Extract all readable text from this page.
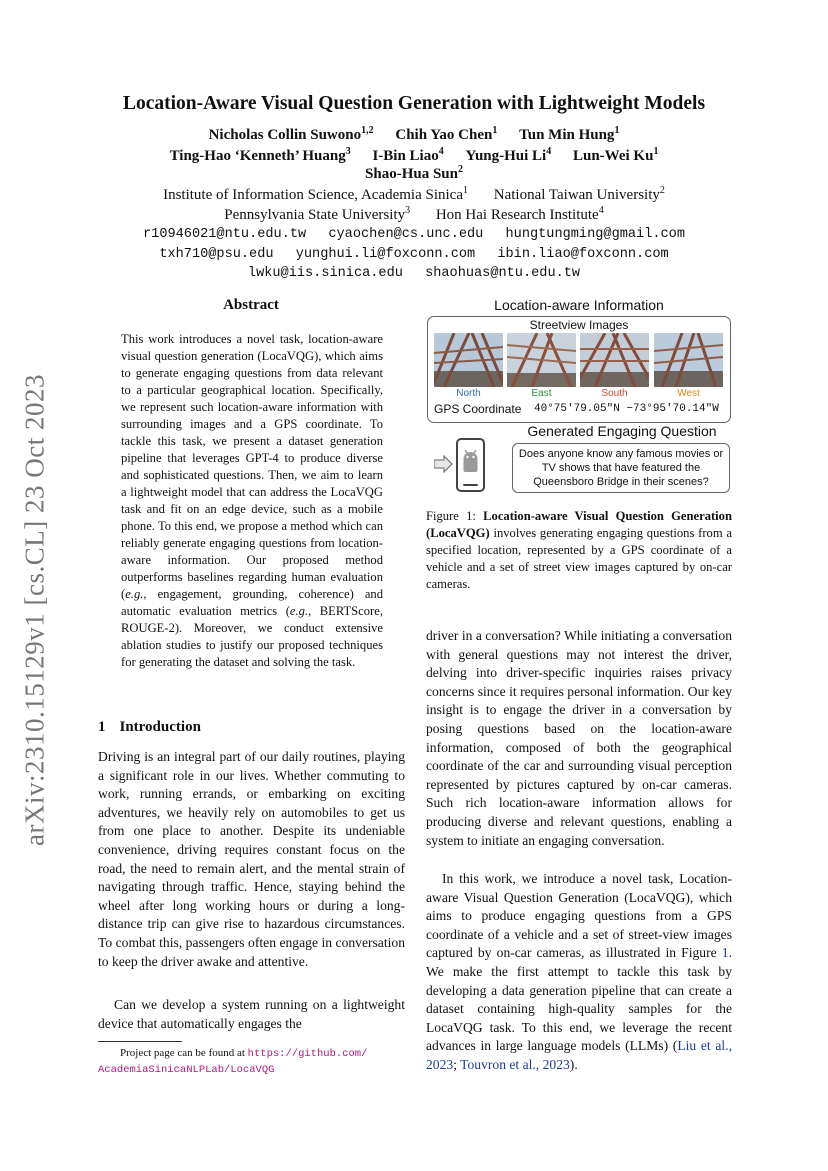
arXiv:2310.15129v1 [cs.CL] 23 Oct 2023
Location-Aware Visual Question Generation with Lightweight Models
Nicholas Collin Suwono$^{1,2}$ Chih Yao Chen$^1$ Tun Min Hung$^1$
Ting-Hao ‘Kenneth’ Huang$^3$ I-Bin Liao$^4$ Yung-Hui Li$^4$ Lun-Wei Ku$^1$
Shao-Hua Sun$^2$
Institute of Information Science, Academia Sinica$^1$ National Taiwan University$^2$
Pennsylvania State University$^3$ Hon Hai Research Institute$^4$
r10946021@ntu.edu.tw cyaochen@cs.unc.edu hungtungming@gmail.com
txh710@psu.edu yunghui.li@foxconn.com ibin.liao@foxconn.com
lwku@iis.sinica.edu shaohuas@ntu.edu.tw
Abstract
This work introduces a novel task, location-aware visual question generation (LocaVQG), which aims to generate engaging questions from data relevant to a particular geographical location. Specifically, we represent such location-aware information with surrounding images and a GPS coordinate. To tackle this task, we present a dataset generation pipeline that leverages GPT-4 to produce diverse and sophisticated questions. Then, we aim to learn a lightweight model that can address the LocaVQG task and fit on an edge device, such as a mobile phone. To this end, we propose a method which can reliably generate engaging questions from location-aware information. Our proposed method outperforms baselines regarding human evaluation (e.g., engagement, grounding, coherence) and automatic evaluation metrics (e.g., BERTScore, ROUGE-2). Moreover, we conduct extensive ablation studies to justify our proposed techniques for generating the dataset and solving the task.
1 Introduction
Driving is an integral part of our daily routines, playing a significant role in our lives. Whether commuting to work, running errands, or embarking on exciting adventures, we heavily rely on automobiles to get us from one place to another. Despite its undeniable convenience, driving requires constant focus on the road, the need to remain alert, and the mental strain of navigating through traffic. Hence, staying behind the wheel after long working hours or during a long-distance trip can give rise to hazardous circumstances. To combat this, passengers often engage in conversation to keep the driver awake and attentive.
Can we develop a system running on a lightweight device that automatically engages the
Project page can be found at https://github.com/
AcademiaSinicaNLPLab/LocaVQG
driver in a conversation? While initiating a conversation with general questions may not interest the driver, delving into driver-specific inquiries raises privacy concerns since it requires personal information. Our key insight is to engage the driver in a conversation by posing questions based on the location-aware information, composed of both the geographical coordinate of the car and surrounding visual perception represented by pictures captured by on-car cameras. Such rich location-aware information allows for producing diverse and relevant questions, enabling a system to initiate an engaging conversation.
In this work, we introduce a novel task, Location-aware Visual Question Generation (LocaVQG), which aims to produce engaging questions from a GPS coordinate of a vehicle and a set of street-view images captured by on-car cameras, as illustrated in Figure 1. We make the first attempt to tackle this task by developing a data generation pipeline that can create a dataset containing high-quality samples for the LocaVQG task. To this end, we leverage the recent advances in large language models (LLMs) (Liu et al., 2023; Touvron et al., 2023).
Location-aware Information
Streetview Images
North	East	South	West
GPS Coordinate 40°75'79.05"N −73°95'70.14"W
Generated Engaging Question
Does anyone know any famous movies or TV shows that have featured the Queensboro Bridge in their scenes?
Figure 1: Location-aware Visual Question Generation (LocaVQG) involves generating engaging questions from a specified location, represented by a GPS coordinate of a vehicle and a set of street view images captured by on-car cameras.
